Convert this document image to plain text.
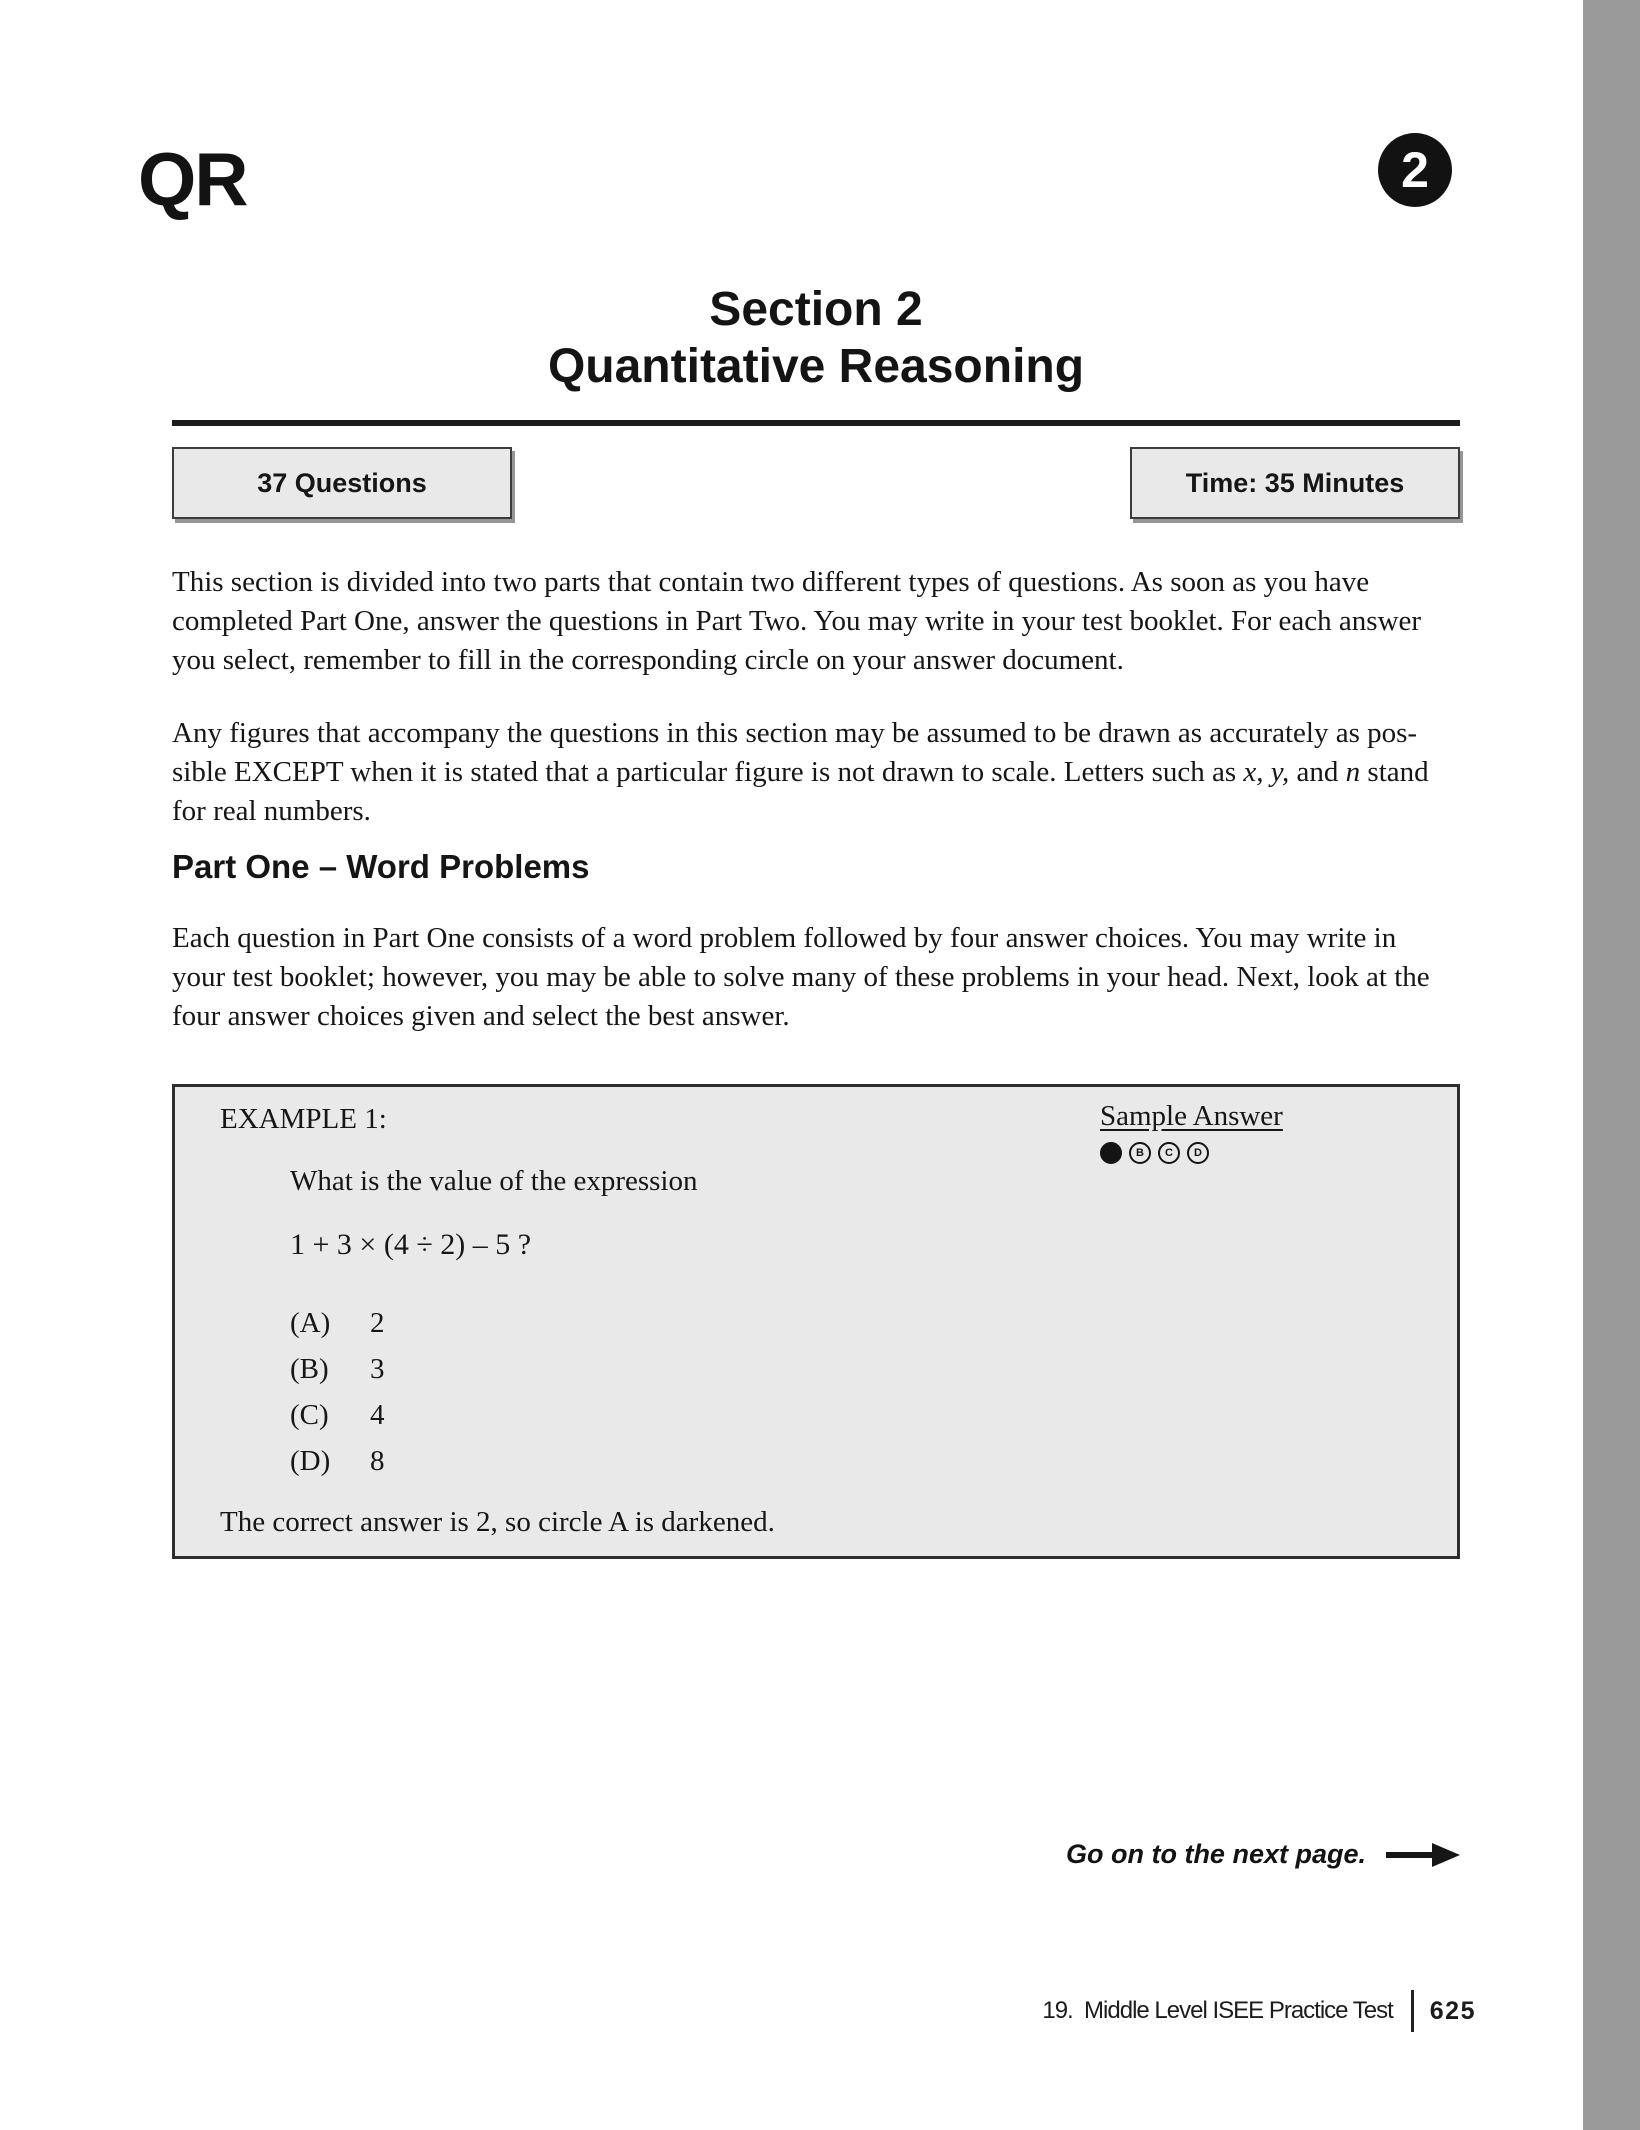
QR	2
Section 2
Quantitative Reasoning
37 Questions	Time: 35 Minutes

This section is divided into two parts that contain two different types of questions. As soon as you have
completed Part One, answer the questions in Part Two. You may write in your test booklet. For each answer
you select, remember to fill in the corresponding circle on your answer document.

Any figures that accompany the questions in this section may be assumed to be drawn as accurately as pos-
sible EXCEPT when it is stated that a particular figure is not drawn to scale. Letters such as x, y, and n stand
for real numbers.

Part One – Word Problems

Each question in Part One consists of a word problem followed by four answer choices. You may write in
your test booklet; however, you may be able to solve many of these problems in your head. Next, look at the
four answer choices given and select the best answer.

EXAMPLE 1:	Sample Answer
B	C	D
What is the value of the expression
1 + 3 × (4 ÷ 2) – 5 ?
(A)	2
(B)	3
(C)	4
(D)	8
The correct answer is 2, so circle A is darkened.
Go on to the next page.
19.  Middle Level ISEE Practice Test 625
